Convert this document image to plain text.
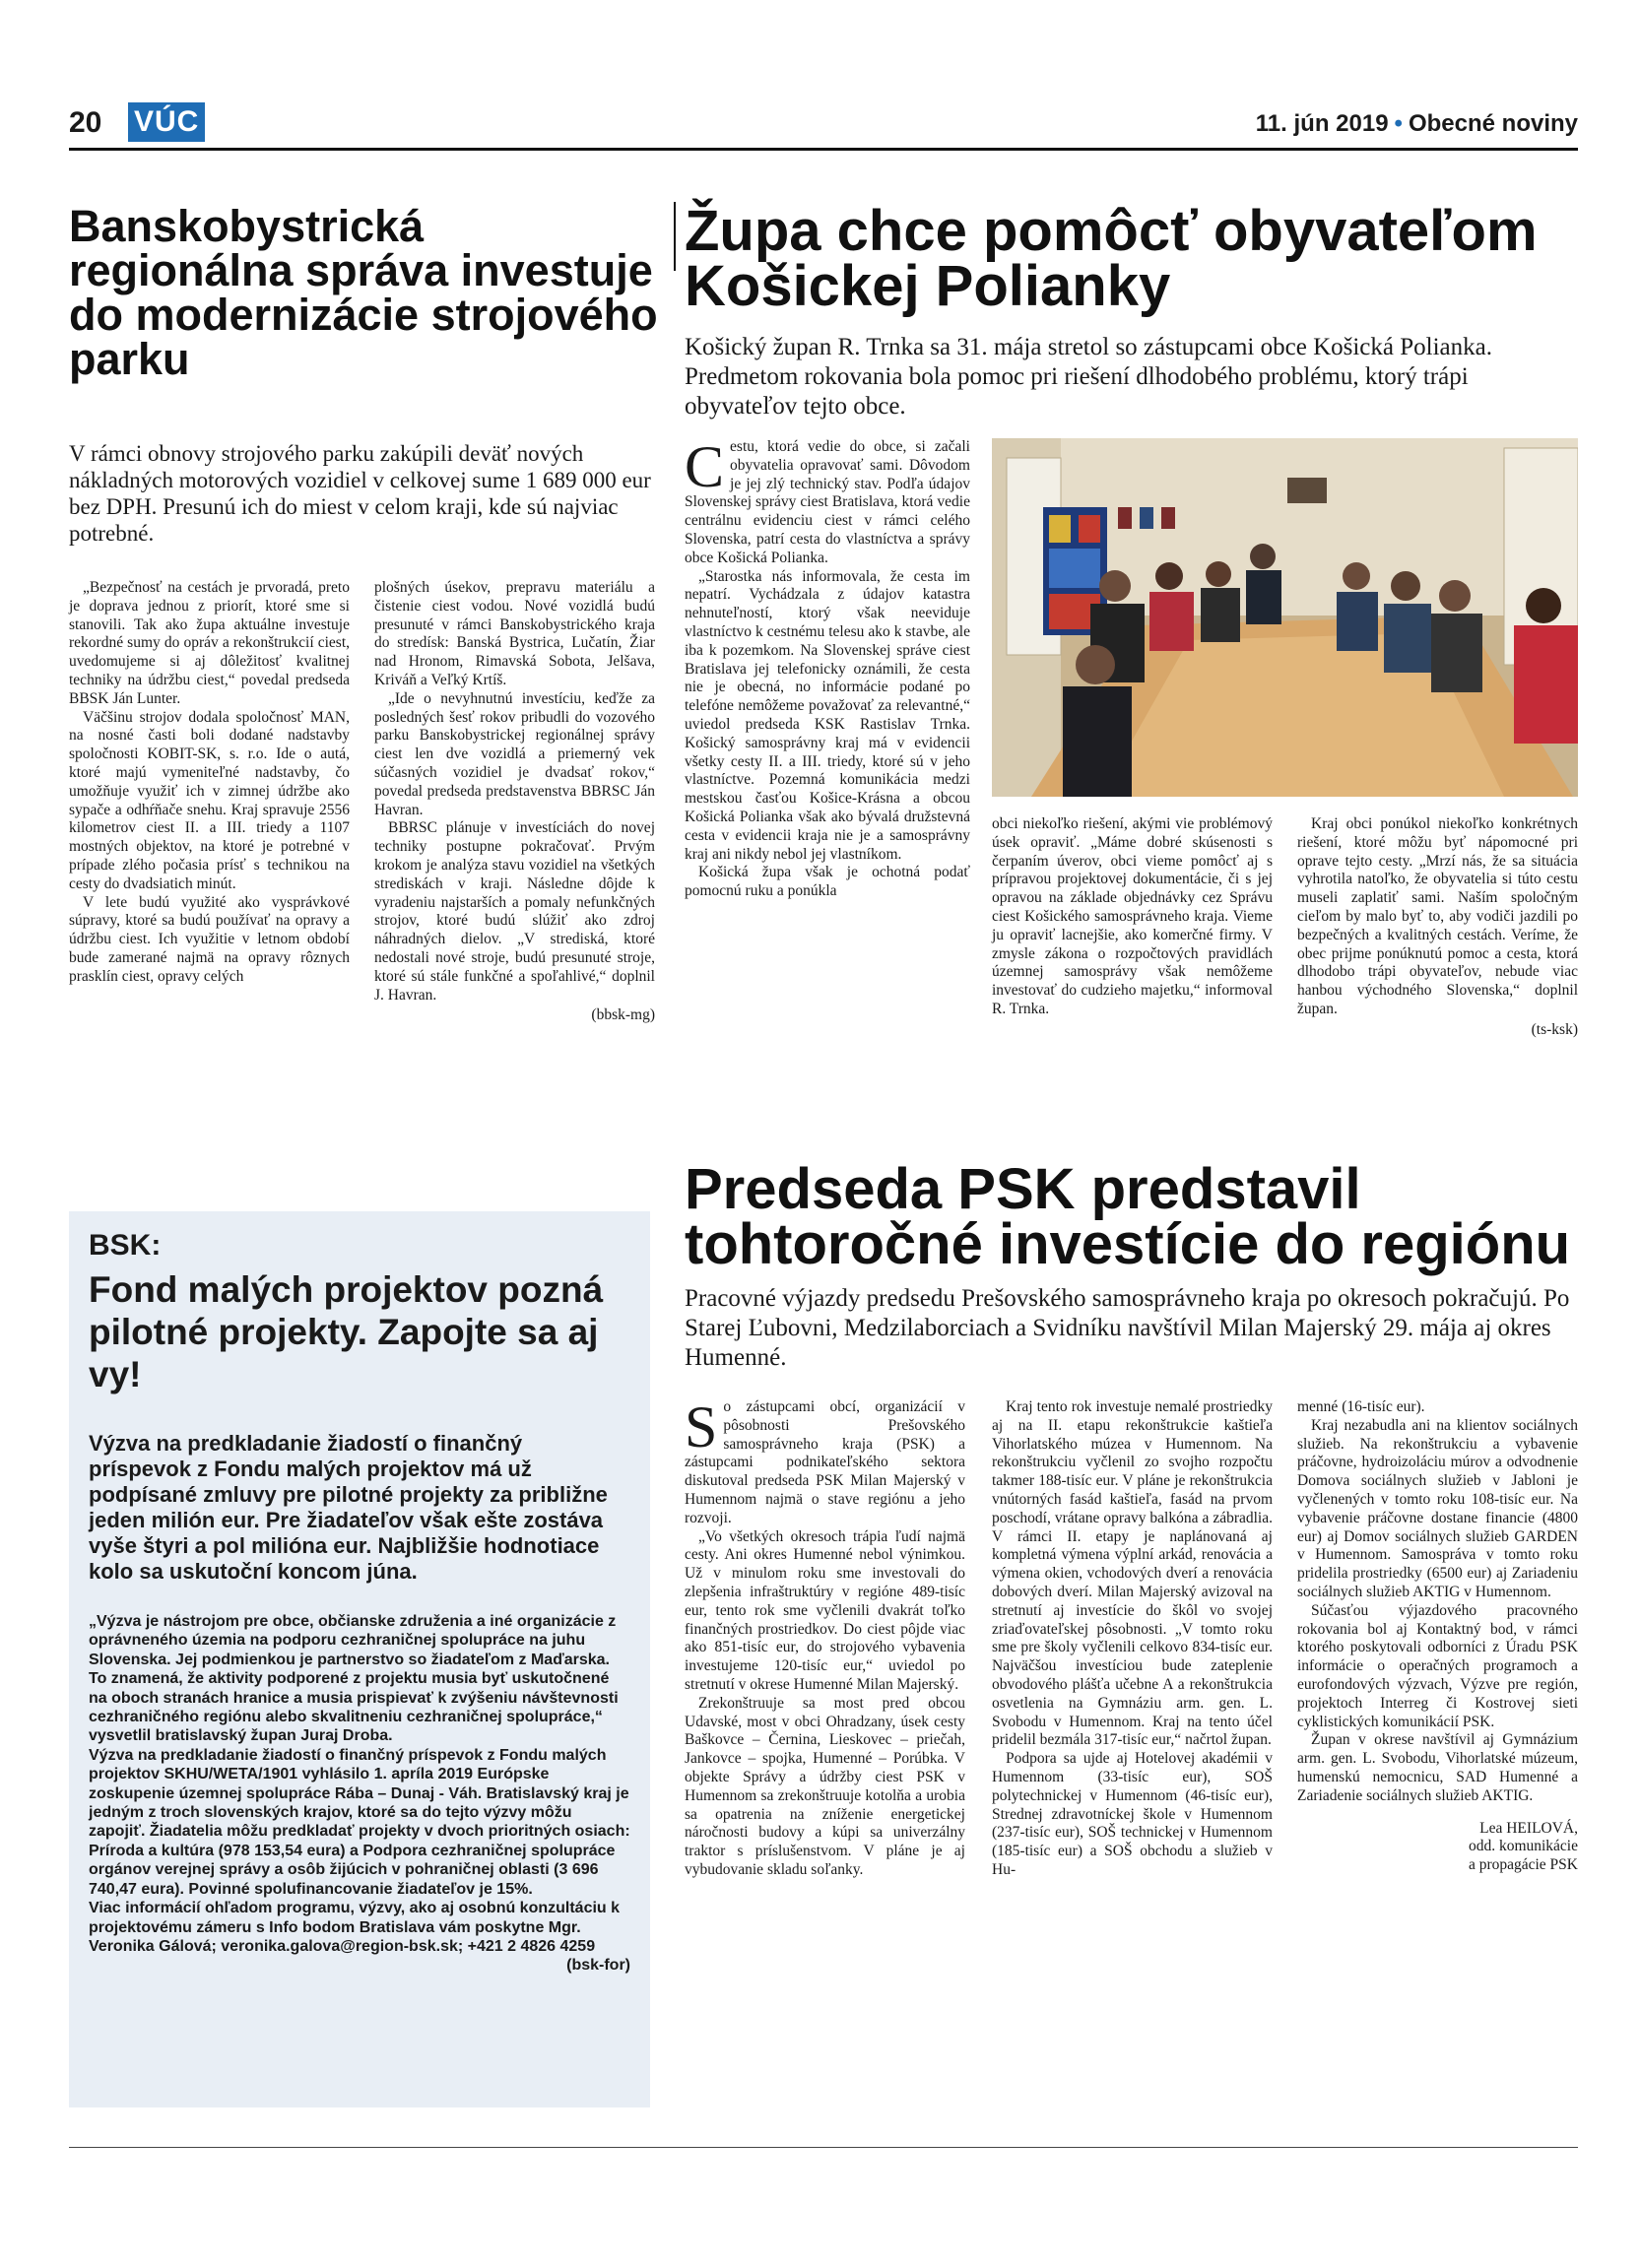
20 VÚC	11. jún 2019 • Obecné noviny
Banskobystrická regionálna správa investuje do modernizácie strojového parku
V rámci obnovy strojového parku zakúpili deväť nových nákladných motorových vozidiel v celkovej sume 1 689 000 eur bez DPH. Presunú ich do miest v celom kraji, kde sú najviac potrebné.

„Bezpečnosť na cestách je prvoradá, preto je doprava jednou z priorít, ktoré sme si stanovili. Tak ako župa aktuálne investuje rekordné sumy do opráv a rekonštrukcií ciest, uvedomujeme si aj dôležitosť kvalitnej techniky na údržbu ciest,“ povedal predseda BBSK Ján Lunter.

Väčšinu strojov dodala spoločnosť MAN, na nosné časti boli dodané nadstavby spoločnosti KOBIT-SK, s. r.o. Ide o autá, ktoré majú vymeniteľné nadstavby, čo umožňuje využiť ich v zimnej údržbe ako sypače a odhŕňače snehu. Kraj spravuje 2556 kilometrov ciest II. a III. triedy a 1107 mostných objektov, na ktoré je potrebné v prípade zlého počasia prísť s technikou na cesty do dvadsiatich minút.

V lete budú využité ako vysprávkové súpravy, ktoré sa budú používať na opravy a údržbu ciest. Ich využitie v letnom období bude zamerané najmä na opravy rôznych prasklín ciest, opravy celých

plošných úsekov, prepravu materiálu a čistenie ciest vodou. Nové vozidlá budú presunuté v rámci Banskobystrického kraja do stredísk: Banská Bystrica, Lučatín, Žiar nad Hronom, Rimavská Sobota, Jelšava, Kriváň a Veľký Krtíš.

„Ide o nevyhnutnú investíciu, keďže za posledných šesť rokov pribudli do vozového parku Banskobystrickej regionálnej správy ciest len dve vozidlá a priemerný vek súčasných vozidiel je dvadsať rokov,“ povedal predseda predstavenstva BBRSC Ján Havran.

BBRSC plánuje v investíciách do novej techniky postupne pokračovať. Prvým krokom je analýza stavu vozidiel na všetkých strediskách v kraji. Následne dôjde k vyradeniu najstarších a pomaly nefunkčných strojov, ktoré budú slúžiť ako zdroj náhradných dielov. „V strediská, ktoré nedostali nové stroje, budú presunuté stroje, ktoré sú stále funkčné a spoľahlivé,“ doplnil J. Havran.

(bbsk-mg)
BSK:
Fond malých projektov pozná pilotné projekty. Zapojte sa aj vy!
Výzva na predkladanie žiadostí o finančný príspevok z Fondu malých projektov má už podpísané zmluvy pre pilotné projekty za približne jeden milión eur. Pre žiadateľov však ešte zostáva vyše štyri a pol milióna eur. Najbližšie hodnotiace kolo sa uskutoční koncom júna.

„Výzva je nástrojom pre obce, občianske združenia a iné organizácie z oprávneného územia na podporu cezhraničnej spolupráce na juhu Slovenska. Jej podmienkou je partnerstvo so žiadateľom z Maďarska. To znamená, že aktivity podporené z projektu musia byť uskutočnené na oboch stranách hranice a musia prispievať k zvýšeniu návštevnosti cezhraničného regiónu alebo skvalitneniu cezhraničnej spolupráce,“ vysvetlil bratislavský župan Juraj Droba.

Výzva na predkladanie žiadostí o finančný príspevok z Fondu malých projektov SKHU/WETA/1901 vyhlásilo 1. apríla 2019 Európske zoskupenie územnej spolupráce Rába – Dunaj - Váh. Bratislavský kraj je jedným z troch slovenských krajov, ktoré sa do tejto výzvy môžu zapojiť. Žiadatelia môžu predkladať projekty v dvoch prioritných osiach: Príroda a kultúra (978 153,54 eura) a Podpora cezhraničnej spolupráce orgánov verejnej správy a osôb žijúcich v pohraničnej oblasti (3 696 740,47 eura). Povinné spolufinancovanie žiadateľov je 15%.

Viac informácií ohľadom programu, výzvy, ako aj osobnú konzultáciu k projektovému zámeru s Info bodom Bratislava vám poskytne Mgr. Veronika Gálová; veronika.galova@region-bsk.sk; +421 2 4826 4259

(bsk-for)

Župa chce pomôcť obyvateľom Košickej Polianky
Košický župan R. Trnka sa 31. mája stretol so zástupcami obce Košická Polianka. Predmetom rokovania bola pomoc pri riešení dlhodobého problému, ktorý trápi obyvateľov tejto obce.
C estu, ktorá vedie do obce, si začali obyvatelia opravovať sami. Dôvodom je jej zlý technický stav. Podľa údajov Slovenskej správy ciest Bratislava, ktorá vedie centrálnu evidenciu ciest v rámci celého Slovenska, patrí cesta do vlastníctva a správy obce Košická Polianka.

„Starostka nás informovala, že cesta im nepatrí. Vychádzala z údajov katastra nehnuteľností, ktorý však neeviduje vlastníctvo k cestnému telesu ako k stavbe, ale iba k pozemkom. Na Slovenskej správe ciest Bratislava jej telefonicky oznámili, že cesta nie je obecná, no informácie podané po telefóne nemôžeme považovať za relevantné,“ uviedol predseda KSK Rastislav Trnka. Košický samosprávny kraj má v evidencii všetky cesty II. a III. triedy, ktoré sú v jeho vlastníctve. Pozemná komunikácia medzi mestskou časťou Košice-Krásna a obcou Košická Polianka však ako bývalá družstevná cesta v evidencii kraja nie je a samosprávny kraj ani nikdy nebol jej vlastníkom.

Košická župa však je ochotná podať pomocnú ruku a ponúkla

obci niekoľko riešení, akými vie problémový úsek opraviť. „Máme dobré skúsenosti s čerpaním úverov, obci vieme pomôcť aj s prípravou projektovej dokumentácie, či s jej opravou na základe objednávky cez Správu ciest Košického samosprávneho kraja. Vieme ju opraviť lacnejšie, ako komerčné firmy. V zmysle zákona o rozpočtových pravidlách územnej samosprávy však nemôžeme investovať do cudzieho majetku,“ informoval R. Trnka.

Kraj obci ponúkol niekoľko konkrétnych riešení, ktoré môžu byť nápomocné pri oprave tejto cesty. „Mrzí nás, že sa situácia vyhrotila natoľko, že obyvatelia si túto cestu museli zaplatiť sami. Naším spoločným cieľom by malo byť to, aby vodiči jazdili po bezpečných a kvalitných cestách. Veríme, že obec prijme ponúknutú pomoc a cesta, ktorá dlhodobo trápi obyvateľov, nebude viac hanbou východného Slovenska,“ doplnil župan.

(ts-ksk)
Predseda PSK predstavil tohtoročné investície do regiónu
Pracovné výjazdy predsedu Prešovského samosprávneho kraja po okresoch pokračujú. Po Starej Ľubovni, Medzilaborciach a Svidníku navštívil Milan Majerský 29. mája aj okres Humenné.
S o zástupcami obcí, organizácií v pôsobnosti Prešovského samosprávneho kraja (PSK) a zástupcami podnikateľského sektora diskutoval predseda PSK Milan Majerský v Humennom najmä o stave regiónu a jeho rozvoji.

„Vo všetkých okresoch trápia ľudí najmä cesty. Ani okres Humenné nebol výnimkou. Už v minulom roku sme investovali do zlepšenia infraštruktúry v regióne 489-tisíc eur, tento rok sme vyčlenili dvakrát toľko finančných prostriedkov. Do ciest pôjde viac ako 851-tisíc eur, do strojového vybavenia investujeme 120-tisíc eur,“ uviedol po stretnutí v okrese Humenné Milan Majerský.

Zrekonštruuje sa most pred obcou Udavské, most v obci Ohradzany, úsek cesty Baškovce – Černina, Lieskovec – priečah, Jankovce – spojka, Humenné – Porúbka. V objekte Správy a údržby ciest PSK v Humennom sa zrekonštruuje kotolňa a urobia sa opatrenia na zníženie energetickej náročnosti budovy a kúpi sa univerzálny traktor s príslušenstvom. V pláne je aj vybudovanie skladu soľanky.

Kraj tento rok investuje nemalé prostriedky aj na II. etapu rekonštrukcie kaštieľa Vihorlatského múzea v Humennom. Na rekonštrukciu vyčlenil zo svojho rozpočtu takmer 188-tisíc eur. V pláne je rekonštrukcia vnútorných fasád kaštieľa, fasád na prvom poschodí, vrátane opravy balkóna a zábradlia. V rámci II. etapy je naplánovaná aj kompletná výmena výplní arkád, renovácia a výmena okien, vchodových dverí a renovácia dobových dverí. Milan Majerský avizoval na stretnutí aj investície do škôl vo svojej zriaďovateľskej pôsobnosti. „V tomto roku sme pre školy vyčlenili celkovo 834-tisíc eur. Najväčšou investíciou bude zateplenie obvodového plášťa učebne A a rekonštrukcia osvetlenia na Gymnáziu arm. gen. L. Svobodu v Humennom. Kraj na tento účel pridelil bezmála 317-tisíc eur,“ načrtol župan.

Podpora sa ujde aj Hotelovej akadémii v Humennom (33-tisíc eur), SOŠ polytechnickej v Humennom (46-tisíc eur), Strednej zdravotníckej škole v Humennom (237-tisíc eur), SOŠ technickej v Humennom (185-tisíc eur) a SOŠ obchodu a služieb v Hu-

menné (16-tisíc eur).

Kraj nezabudla ani na klientov sociálnych služieb. Na rekonštrukciu a vybavenie práčovne, hydroizoláciu múrov a odvodnenie Domova sociálnych služieb v Jabloni je vyčlenených v tomto roku 108-tisíc eur. Na vybavenie práčovne dostane financie (4800 eur) aj Domov sociálnych služieb GARDEN v Humennom. Samospráva v tomto roku pridelila prostriedky (6500 eur) aj Zariadeniu sociálnych služieb AKTIG v Humennom.

Súčasťou výjazdového pracovného rokovania bol aj Kontaktný bod, v rámci ktorého poskytovali odborníci z Úradu PSK informácie o operačných programoch a eurofondových výzvach, Výzve pre región, projektoch Interreg či Kostrovej sieti cyklistických komunikácií PSK.

Župan v okrese navštívil aj Gymnázium arm. gen. L. Svobodu, Vihorlatské múzeum, humenskú nemocnicu, SAD Humenné a Zariadenie sociálnych služieb AKTIG.

Lea HEILOVÁ,
odd. komunikácie
a propagácie PSK
